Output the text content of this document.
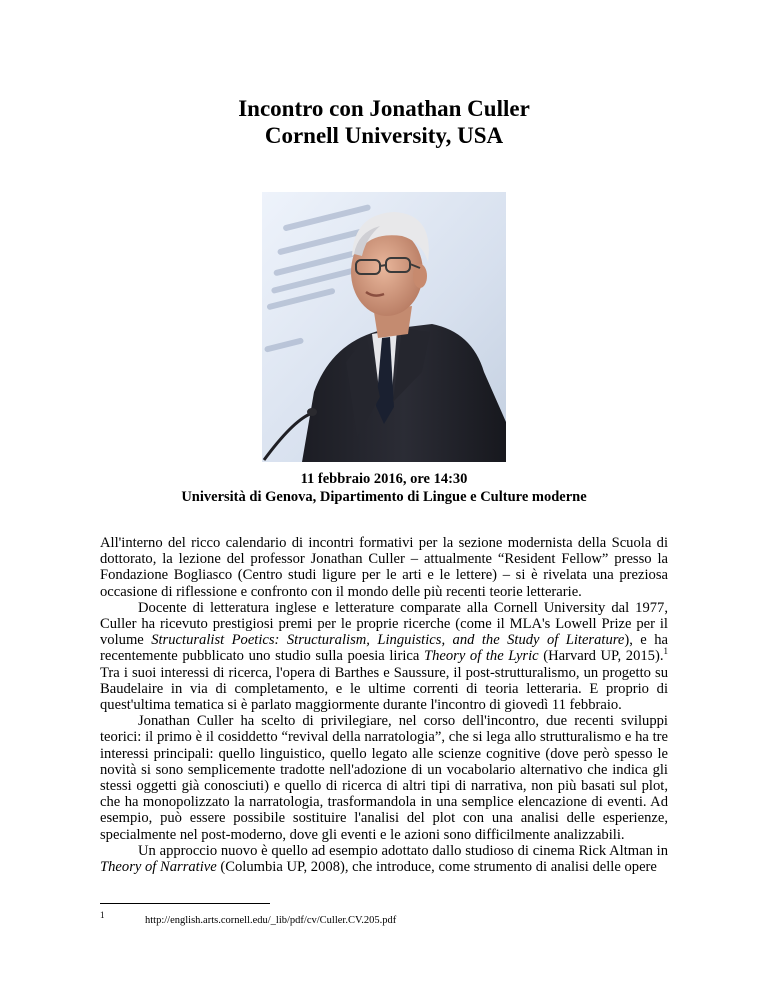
Incontro con Jonathan Culler
Cornell University, USA
11 febbraio 2016, ore 14:30
Università di Genova, Dipartimento di Lingue e Culture moderne

All'interno del ricco calendario di incontri formativi per la sezione modernista della Scuola di dottorato, la lezione del professor Jonathan Culler – attualmente “Resident Fellow” presso la Fondazione Bogliasco (Centro studi ligure per le arti e le lettere) – si è rivelata una preziosa occasione di riflessione e confronto con il mondo delle più recenti teorie letterarie.

Docente di letteratura inglese e letterature comparate alla Cornell University dal 1977, Culler ha ricevuto prestigiosi premi per le proprie ricerche (come il MLA's Lowell Prize per il volume Structuralist Poetics: Structuralism, Linguistics, and the Study of Literature), e ha recentemente pubblicato uno studio sulla poesia lirica Theory of the Lyric (Harvard UP, 2015).$^1$ Tra i suoi interessi di ricerca, l'opera di Barthes e Saussure, il post-strutturalismo, un progetto su Baudelaire in via di completamento, e le ultime correnti di teoria letteraria. E proprio di quest'ultima tematica si è parlato maggiormente durante l'incontro di giovedì 11 febbraio.

Jonathan Culler ha scelto di privilegiare, nel corso dell'incontro, due recenti sviluppi teorici: il primo è il cosiddetto “revival della narratologia”, che si lega allo strutturalismo e ha tre interessi principali: quello linguistico, quello legato alle scienze cognitive (dove però spesso le novità si sono semplicemente tradotte nell'adozione di un vocabolario alternativo che indica gli stessi oggetti già conosciuti) e quello di ricerca di altri tipi di narrativa, non più basati sul plot, che ha monopolizzato la narratologia, trasformandola in una semplice elencazione di eventi. Ad esempio, può essere possibile sostituire l'analisi del plot con una analisi delle esperienze, specialmente nel post-moderno, dove gli eventi e le azioni sono difficilmente analizzabili.

Un approccio nuovo è quello ad esempio adottato dallo studioso di cinema Rick Altman in Theory of Narrative (Columbia UP, 2008), che introduce, come strumento di analisi delle opere

1	http://english.arts.cornell.edu/_lib/pdf/cv/Culler.CV.205.pdf
